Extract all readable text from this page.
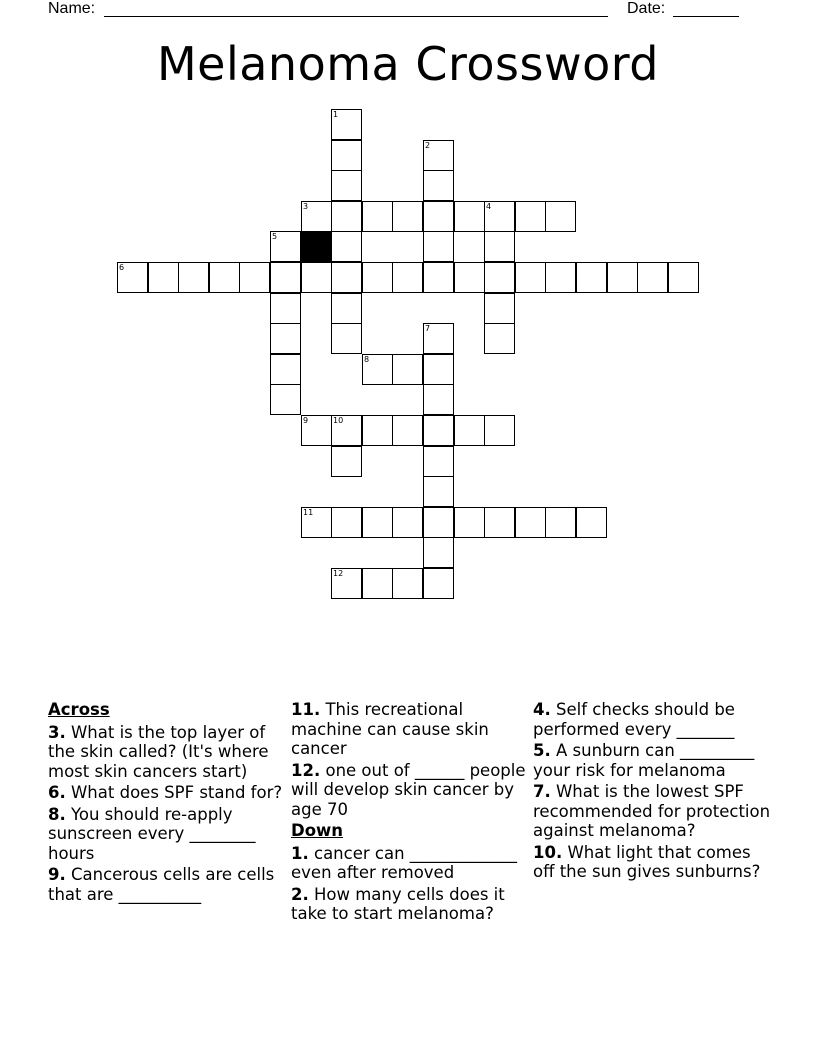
Name:	Date:
Melanoma Crossword
1
2
3	4
5
6
7
8
9	10
11
12
Across
3. What is the top layer of the skin called? (It's where most skin cancers start)
6. What does SPF stand for?
8. You should re-apply sunscreen every ________ hours
9. Cancerous cells are cells that are __________
11. This recreational machine can cause skin cancer
12. one out of ______ people will develop skin cancer by age 70
Down
1. cancer can _____________ even after removed
2. How many cells does it take to start melanoma?
4. Self checks should be performed every _______
5. A sunburn can _________ your risk for melanoma
7. What is the lowest SPF recommended for protection against melanoma?
10. What light that comes off the sun gives sunburns?
